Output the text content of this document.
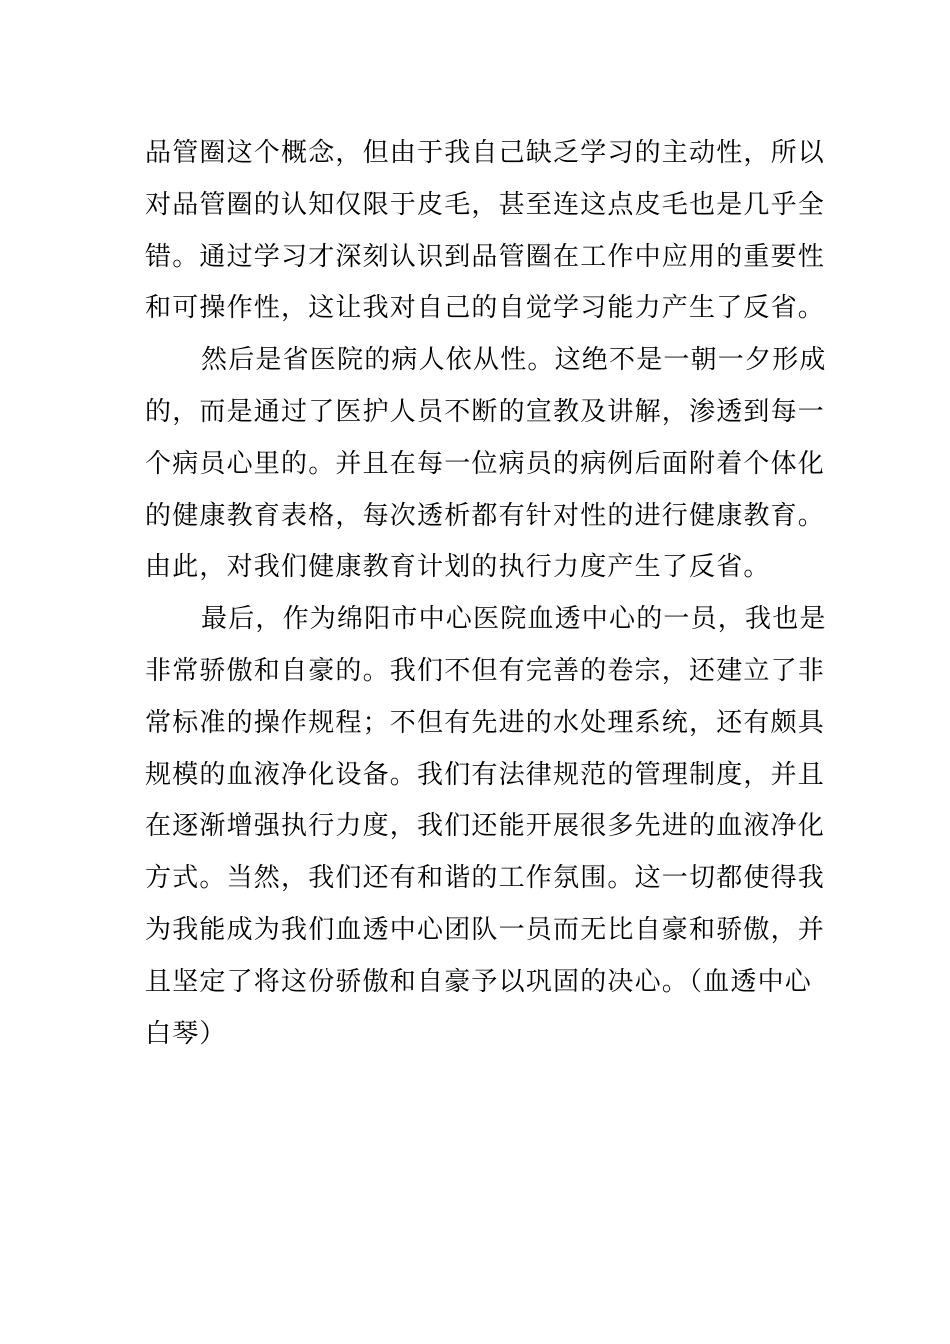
品管圈这个概念，但由于我自己缺乏学习的主动性，所以
对品管圈的认知仅限于皮毛，甚至连这点皮毛也是几乎全
错。通过学习才深刻认识到品管圈在工作中应用的重要性
和可操作性，这让我对自己的自觉学习能力产生了反省。
然后是省医院的病人依从性。这绝不是一朝一夕形成
的，而是通过了医护人员不断的宣教及讲解，渗透到每一
个病员心里的。并且在每一位病员的病例后面附着个体化
的健康教育表格，每次透析都有针对性的进行健康教育。
由此，对我们健康教育计划的执行力度产生了反省。
最后，作为绵阳市中心医院血透中心的一员，我也是
非常骄傲和自豪的。我们不但有完善的卷宗，还建立了非
常标准的操作规程；不但有先进的水处理系统，还有颇具
规模的血液净化设备。我们有法律规范的管理制度，并且
在逐渐增强执行力度，我们还能开展很多先进的血液净化
方式。当然，我们还有和谐的工作氛围。这一切都使得我
为我能成为我们血透中心团队一员而无比自豪和骄傲，并
且坚定了将这份骄傲和自豪予以巩固的决心。（血透中心
白琴）
